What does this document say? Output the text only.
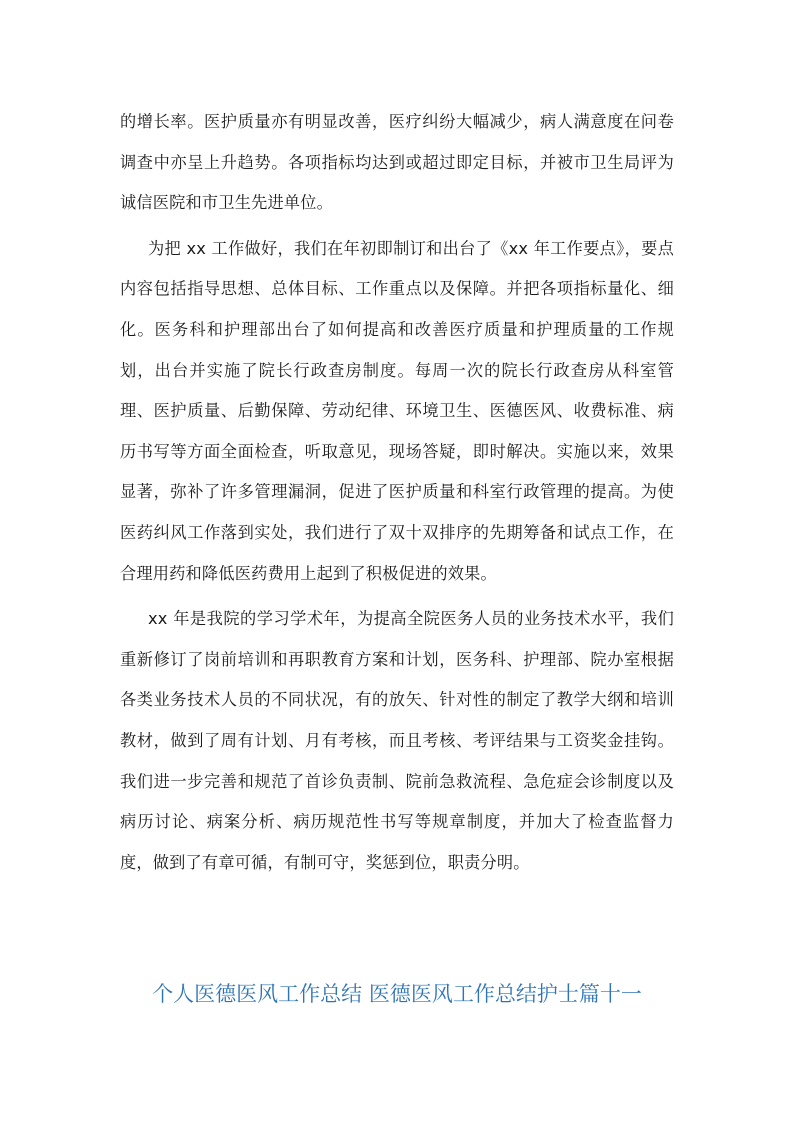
的增长率。医护质量亦有明显改善，医疗纠纷大幅减少，病人满意度在问卷调查中亦呈上升趋势。各项指标均达到或超过即定目标，并被市卫生局评为诚信医院和市卫生先进单位。

为把 xx 工作做好，我们在年初即制订和出台了《xx 年工作要点》，要点内容包括指导思想、总体目标、工作重点以及保障。并把各项指标量化、细化。医务科和护理部出台了如何提高和改善医疗质量和护理质量的工作规划，出台并实施了院长行政查房制度。每周一次的院长行政查房从科室管理、医护质量、后勤保障、劳动纪律、环境卫生、医德医风、收费标准、病历书写等方面全面检查，听取意见，现场答疑，即时解决。实施以来，效果显著，弥补了许多管理漏洞，促进了医护质量和科室行政管理的提高。为使医药纠风工作落到实处，我们进行了双十双排序的先期筹备和试点工作，在合理用药和降低医药费用上起到了积极促进的效果。

xx 年是我院的学习学术年，为提高全院医务人员的业务技术水平，我们重新修订了岗前培训和再职教育方案和计划，医务科、护理部、院办室根据各类业务技术人员的不同状况，有的放矢、针对性的制定了教学大纲和培训教材，做到了周有计划、月有考核，而且考核、考评结果与工资奖金挂钩。我们进一步完善和规范了首诊负责制、院前急救流程、急危症会诊制度以及病历讨论、病案分析、病历规范性书写等规章制度，并加大了检查监督力度，做到了有章可循，有制可守，奖惩到位，职责分明。

个人医德医风工作总结 医德医风工作总结护士篇十一
